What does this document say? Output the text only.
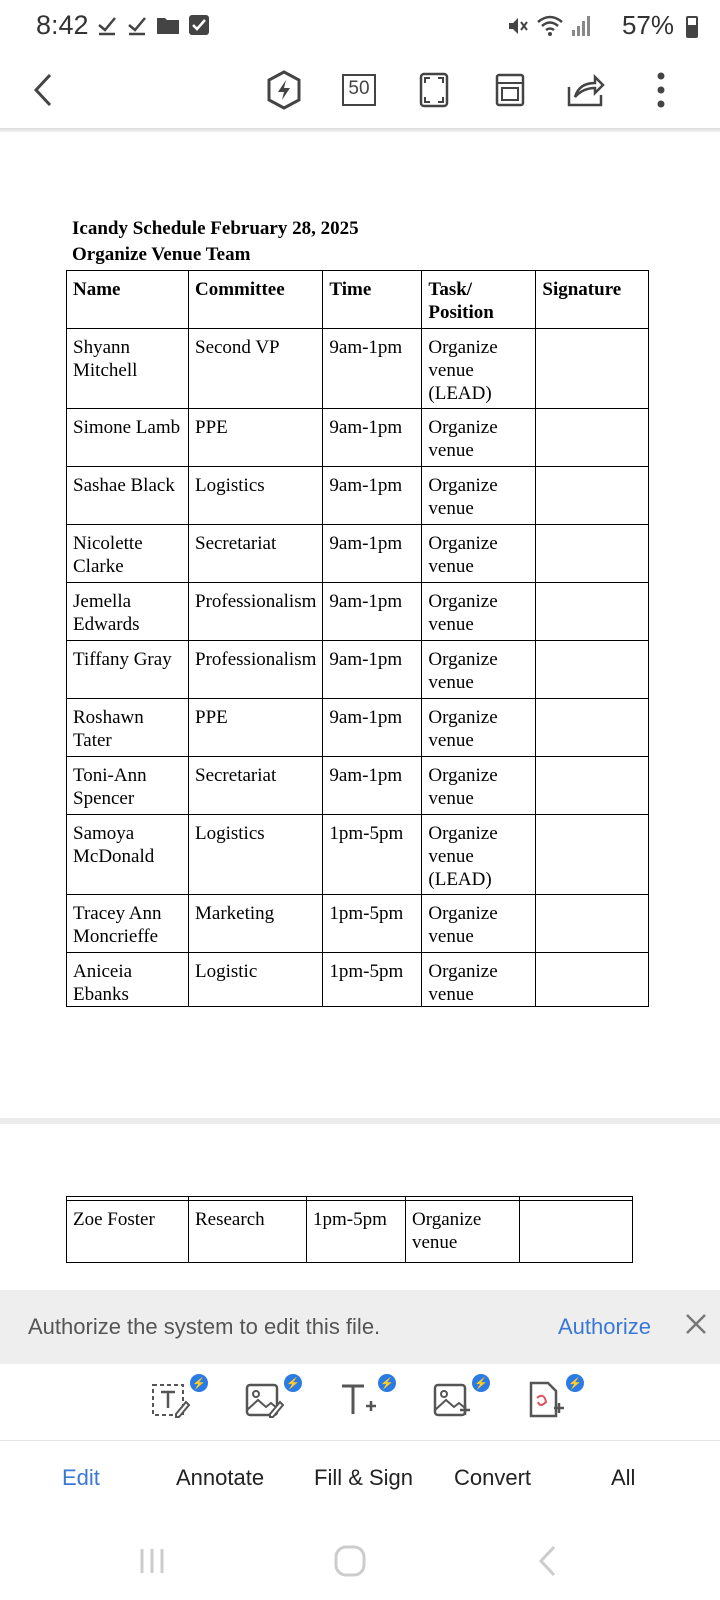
8:42	57%
50
Icandy Schedule February 28, 2025
Organize Venue Team
Name	Committee	Time	Task/ Position	Signature
Shyann Mitchell	Second VP	9am-1pm	Organize venue (LEAD)	
Simone Lamb	PPE	9am-1pm	Organize venue	
Sashae Black	Logistics	9am-1pm	Organize venue	
Nicolette Clarke	Secretariat	9am-1pm	Organize venue	
Jemella Edwards	Professionalism	9am-1pm	Organize venue	
Tiffany Gray	Professionalism	9am-1pm	Organize venue	
Roshawn Tater	PPE	9am-1pm	Organize venue	
Toni-Ann Spencer	Secretariat	9am-1pm	Organize venue	
Samoya McDonald	Logistics	1pm-5pm	Organize venue (LEAD)	
Tracey Ann Moncrieffe	Marketing	1pm-5pm	Organize venue	
Aniceia Ebanks	Logistic	1pm-5pm	Organize venue	

Zoe Foster	Research	1pm-5pm	Organize venue	
Authorize the system to edit this file.	Authorize
⚡	⚡	⚡	⚡	⚡
Edit	Annotate Fill & Sign Convert	All
